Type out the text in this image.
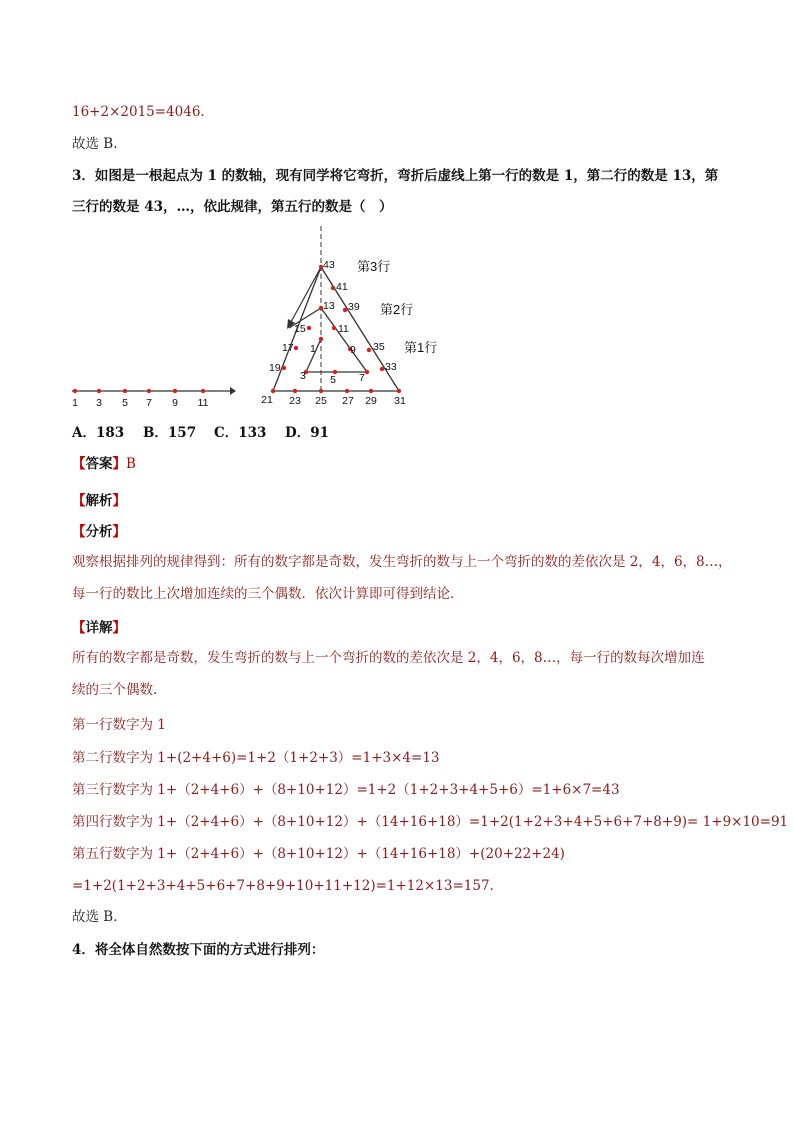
16+2×2015=4046.
故选 B.
3．如图是一根起点为 1 的数轴，现有同学将它弯折，弯折后虚线上第一行的数是 1，第二行的数是 13，第
三行的数是 43，…，依此规律，第五行的数是（　）
1 3 5 7 9 11
43
41
39
35
33
31
29
27
25
23
21
19
17
15
13
11
9
7
5
3
1
第3行
第2行
第1行
A．183 B．157 C．133 D．91
【答案】B
【解析】
【分析】
观察根据排列的规律得到：所有的数字都是奇数，发生弯折的数与上一个弯折的数的差依次是 2，4，6，8…，
每一行的数比上次增加连续的三个偶数．依次计算即可得到结论．
【详解】
所有的数字都是奇数，发生弯折的数与上一个弯折的数的差依次是 2，4，6，8…，每一行的数每次增加连
续的三个偶数．
第一行数字为 1
第二行数字为 1+(2+4+6)=1+2（1+2+3）=1+3×4=13
第三行数字为 1+（2+4+6）+（8+10+12）=1+2（1+2+3+4+5+6）=1+6×7=43
第四行数字为 1+（2+4+6）+（8+10+12）+（14+16+18）=1+2(1+2+3+4+5+6+7+8+9)= 1+9×10=91
第五行数字为 1+（2+4+6）+（8+10+12）+（14+16+18）+(20+22+24)
=1+2(1+2+3+4+5+6+7+8+9+10+11+12)=1+12×13=157.
故选 B．
4．将全体自然数按下面的方式进行排列：
